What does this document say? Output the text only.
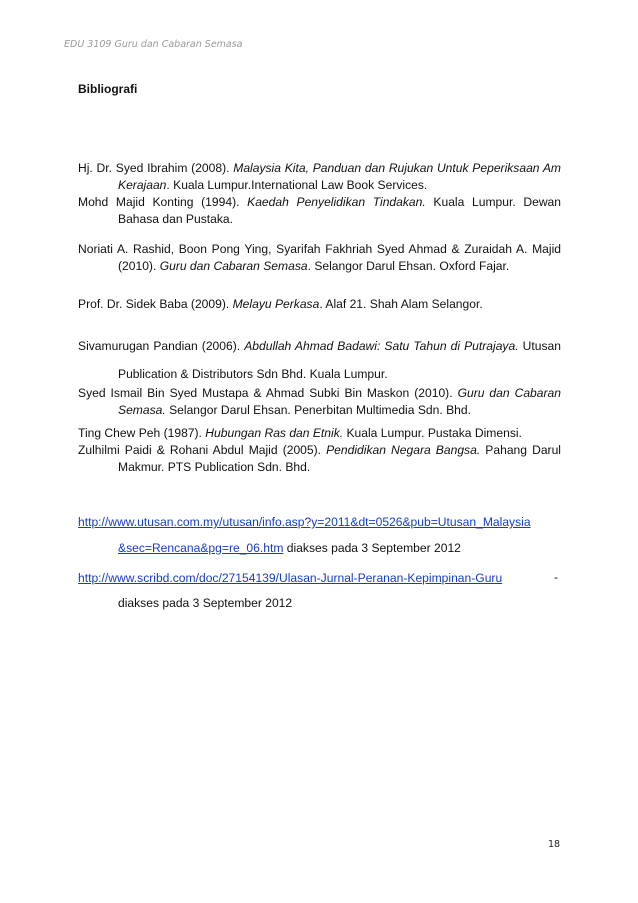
EDU 3109 Guru dan Cabaran Semasa
Bibliografi

Hj. Dr. Syed Ibrahim (2008). Malaysia Kita, Panduan dan Rujukan Untuk Peperiksaan Am Kerajaan. Kuala Lumpur.International Law Book Services.

Mohd Majid Konting (1994). Kaedah Penyelidikan Tindakan. Kuala Lumpur. Dewan Bahasa dan Pustaka.

Noriati A. Rashid, Boon Pong Ying, Syarifah Fakhriah Syed Ahmad & Zuraidah A. Majid (2010). Guru dan Cabaran Semasa. Selangor Darul Ehsan. Oxford Fajar.

Prof. Dr. Sidek Baba (2009). Melayu Perkasa. Alaf 21. Shah Alam Selangor.

Sivamurugan Pandian (2006). Abdullah Ahmad Badawi: Satu Tahun di Putrajaya. Utusan Publication & Distributors Sdn Bhd. Kuala Lumpur.

Syed Ismail Bin Syed Mustapa & Ahmad Subki Bin Maskon (2010). Guru dan Cabaran Semasa. Selangor Darul Ehsan. Penerbitan Multimedia Sdn. Bhd.

Ting Chew Peh (1987). Hubungan Ras dan Etnik. Kuala Lumpur. Pustaka Dimensi.

Zulhilmi Paidi & Rohani Abdul Majid (2005). Pendidikan Negara Bangsa. Pahang Darul Makmur. PTS Publication Sdn. Bhd.

http://www.utusan.com.my/utusan/info.asp?y=2011&dt=0526&pub=Utusan_Malaysia
&sec=Rencana&pg=re_06.htm diakses pada 3 September 2012
http://www.scribd.com/doc/27154139/Ulasan-Jurnal-Peranan-Kepimpinan-Guru	-
diakses pada 3 September 2012
18
